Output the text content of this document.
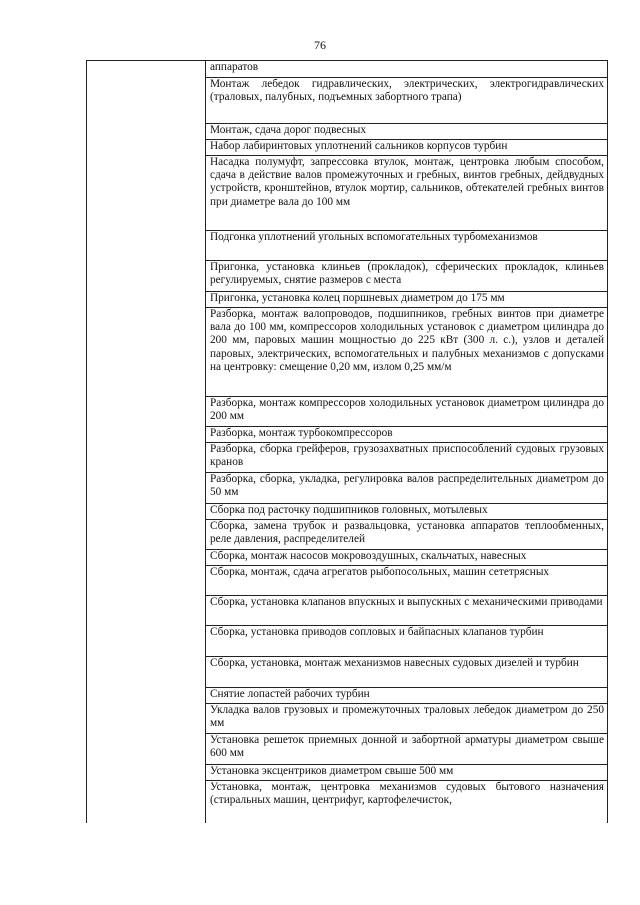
76
аппаратов
Монтаж лебедок гидравлических, электрических, электрогидравлических (траловых, палубных, подъемных забортного трапа)
Монтаж, сдача дорог подвесных
Набор лабиринтовых уплотнений сальников корпусов турбин
Насадка полумуфт, запрессовка втулок, монтаж, центровка любым способом, сдача в действие валов промежуточных и гребных, винтов гребных, дейдвудных устройств, кронштейнов, втулок мортир, сальников, обтекателей гребных винтов при диаметре вала до 100 мм
Подгонка уплотнений угольных вспомогательных турбомеханизмов
Пригонка, установка клиньев (прокладок), сферических прокладок, клиньев регулируемых, снятие размеров с места
Пригонка, установка колец поршневых диаметром до 175 мм
Разборка, монтаж валопроводов, подшипников, гребных винтов при диаметре вала до 100 мм, компрессоров холодильных установок с диаметром цилиндра до 200 мм, паровых машин мощностью до 225 кВт (300 л. с.), узлов и деталей паровых, электрических, вспомогательных и палубных механизмов с допусками на центровку: смещение 0,20 мм, излом 0,25 мм/м
Разборка, монтаж компрессоров холодильных установок диаметром цилиндра до 200 мм
Разборка, монтаж турбокомпрессоров
Разборка, сборка грейферов, грузозахватных приспособлений судовых грузовых кранов
Разборка, сборка, укладка, регулировка валов распределительных диаметром до 50 мм
Сборка под расточку подшипников головных, мотылевых
Сборка, замена трубок и развальцовка, установка аппаратов теплообменных, реле давления, распределителей
Сборка, монтаж насосов мокровоздушных, скальчатых, навесных
Сборка, монтаж, сдача агрегатов рыбопосольных, машин сететрясных
Сборка, установка клапанов впускных и выпускных с механическими приводами
Сборка, установка приводов сопловых и байпасных клапанов турбин
Сборка, установка, монтаж механизмов навесных судовых дизелей и турбин
Снятие лопастей рабочих турбин
Укладка валов грузовых и промежуточных траловых лебедок диаметром до 250 мм
Установка решеток приемных донной и забортной арматуры диаметром свыше 600 мм
Установка эксцентриков диаметром свыше 500 мм
Установка, монтаж, центровка механизмов судовых бытового назначения (стиральных машин, центрифуг, картофелечисток,
